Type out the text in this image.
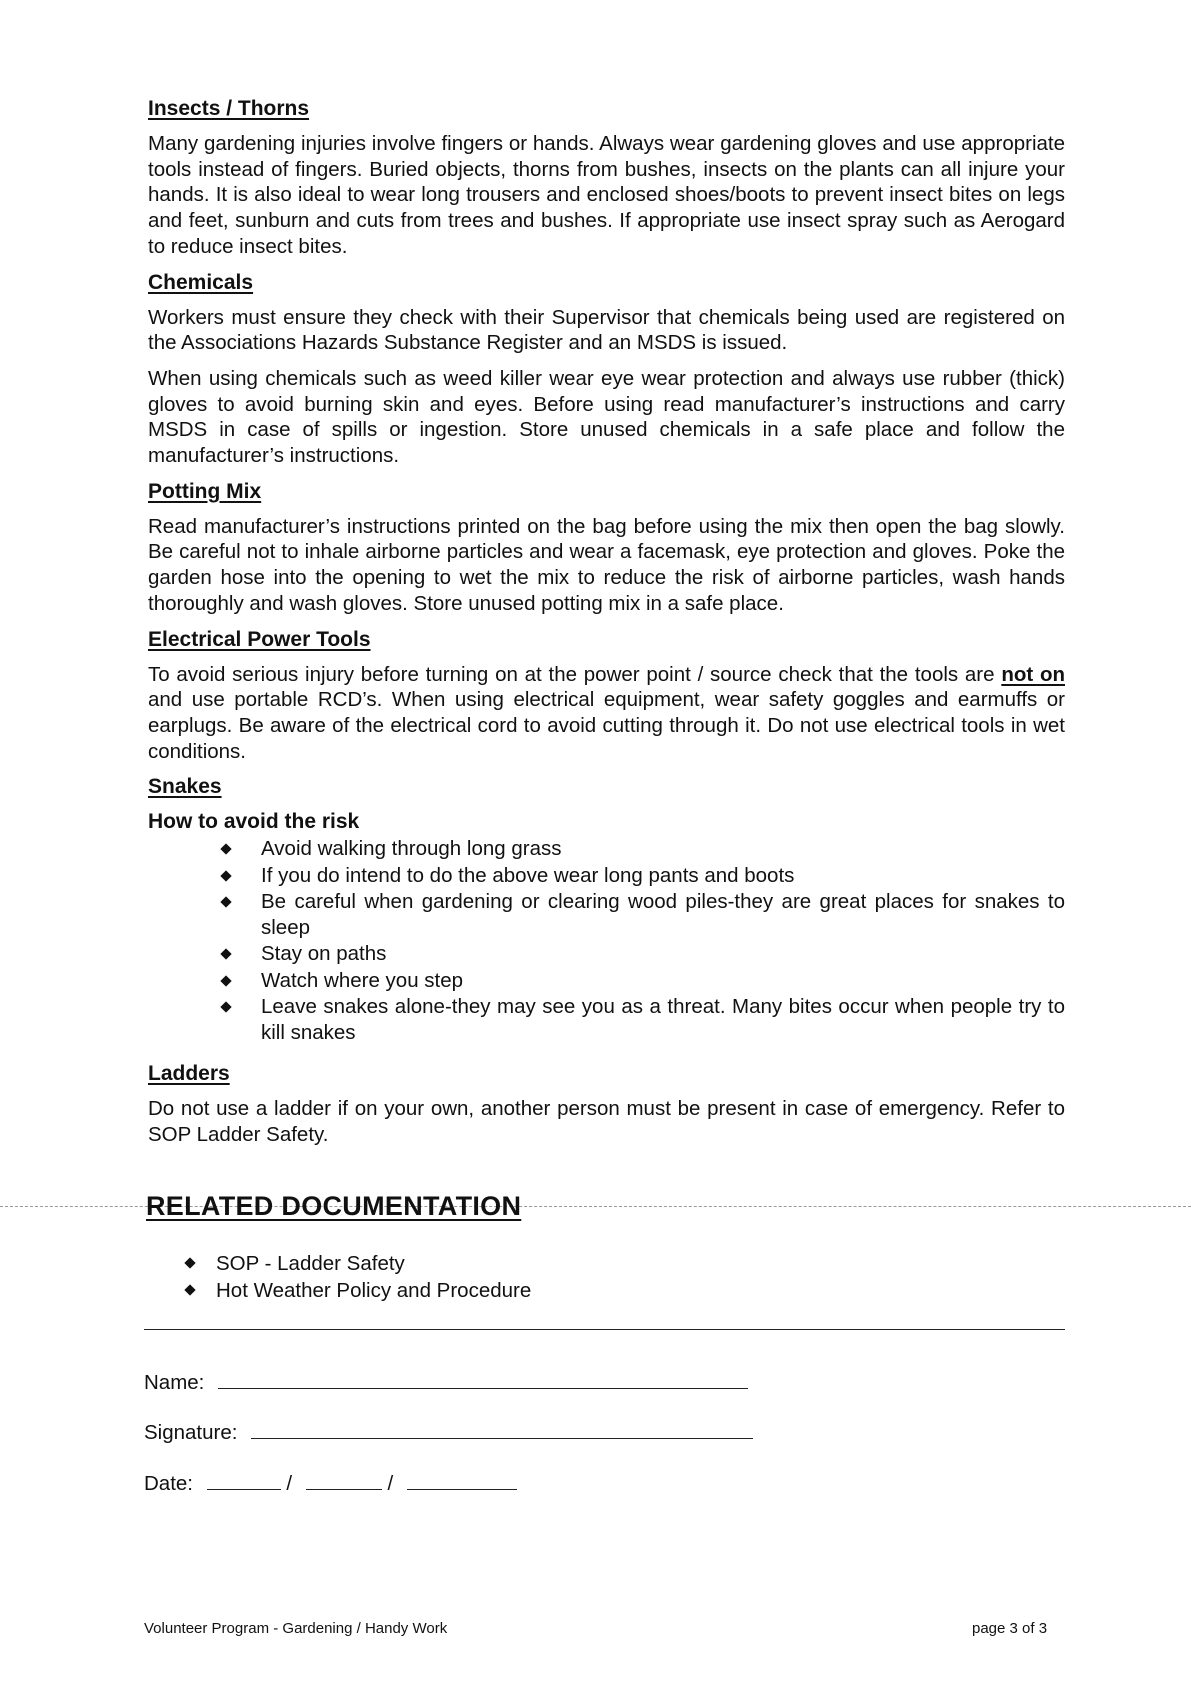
Insects / Thorns

Many gardening injuries involve fingers or hands. Always wear gardening gloves and use appropriate tools instead of fingers. Buried objects, thorns from bushes, insects on the plants can all injure your hands. It is also ideal to wear long trousers and enclosed shoes/boots to prevent insect bites on legs and feet, sunburn and cuts from trees and bushes. If appropriate use insect spray such as Aerogard to reduce insect bites.

Chemicals

Workers must ensure they check with their Supervisor that chemicals being used are registered on the Associations Hazards Substance Register and an MSDS is issued.

When using chemicals such as weed killer wear eye wear protection and always use rubber (thick) gloves to avoid burning skin and eyes. Before using read manufacturer’s instructions and carry MSDS in case of spills or ingestion. Store unused chemicals in a safe place and follow the manufacturer’s instructions.

Potting Mix

Read manufacturer’s instructions printed on the bag before using the mix then open the bag slowly. Be careful not to inhale airborne particles and wear a facemask, eye protection and gloves. Poke the garden hose into the opening to wet the mix to reduce the risk of airborne particles, wash hands thoroughly and wash gloves. Store unused potting mix in a safe place.

Electrical Power Tools

To avoid serious injury before turning on at the power point / source check that the tools are not on and use portable RCD’s. When using electrical equipment, wear safety goggles and earmuffs or earplugs. Be aware of the electrical cord to avoid cutting through it. Do not use electrical tools in wet conditions.

Snakes
How to avoid the risk
Avoid walking through long grass
If you do intend to do the above wear long pants and boots
Be careful when gardening or clearing wood piles-they are great places for snakes to sleep
Stay on paths
Watch where you step
Leave snakes alone-they may see you as a threat. Many bites occur when people try to kill snakes
Ladders

Do not use a ladder if on your own, another person must be present in case of emergency. Refer to SOP Ladder Safety.

RELATED DOCUMENTATION
SOP - Ladder Safety
Hot Weather Policy and Procedure
Name:
Signature:
Date:	/	/
Volunteer Program - Gardening / Handy Work	page 3 of 3
